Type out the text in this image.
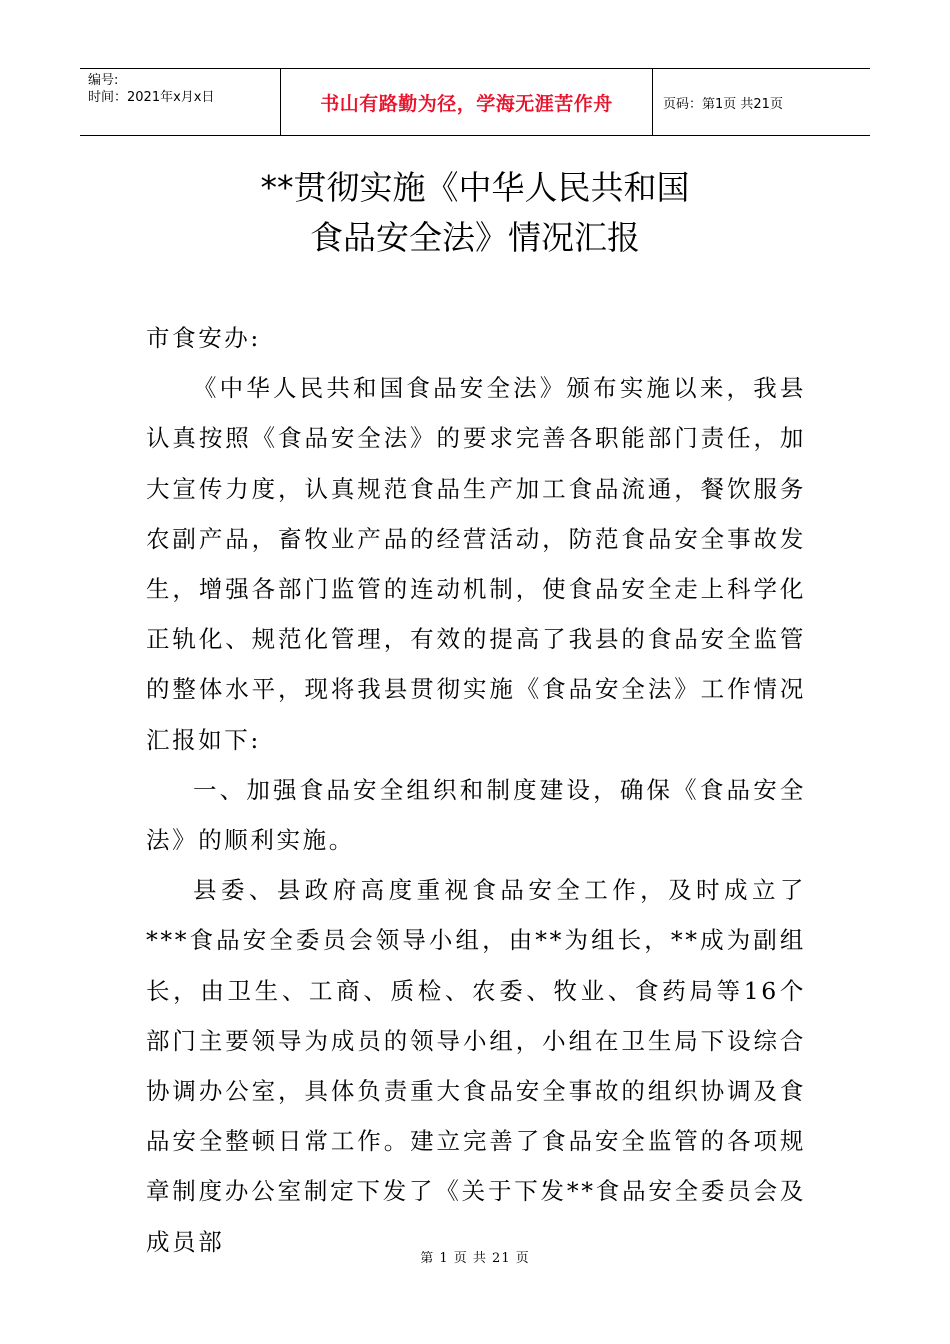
编号:
时间：2021年x月x日	书山有路勤为径，学海无涯苦作舟	页码：第1页 共21页
**贯彻实施《中华人民共和国
食品安全法》情况汇报

市食安办:

《中华人民共和国食品安全法》颁布实施以来，我县认真按照《食品安全法》的要求完善各职能部门责任，加大宣传力度，认真规范食品生产加工食品流通，餐饮服务农副产品，畜牧业产品的经营活动，防范食品安全事故发生，增强各部门监管的连动机制，使食品安全走上科学化正轨化、规范化管理，有效的提高了我县的食品安全监管的整体水平，现将我县贯彻实施《食品安全法》工作情况汇报如下:

一、加强食品安全组织和制度建设，确保《食品安全法》的顺利实施。

县委、县政府高度重视食品安全工作，及时成立了***食品安全委员会领导小组，由**为组长，**成为副组长，由卫生、工商、质检、农委、牧业、食药局等16个部门主要领导为成员的领导小组，小组在卫生局下设综合协调办公室，具体负责重大食品安全事故的组织协调及食品安全整顿日常工作。建立完善了食品安全监管的各项规章制度办公室制定下发了《关于下发**食品安全委员会及成员部

第 1 页 共 21 页
